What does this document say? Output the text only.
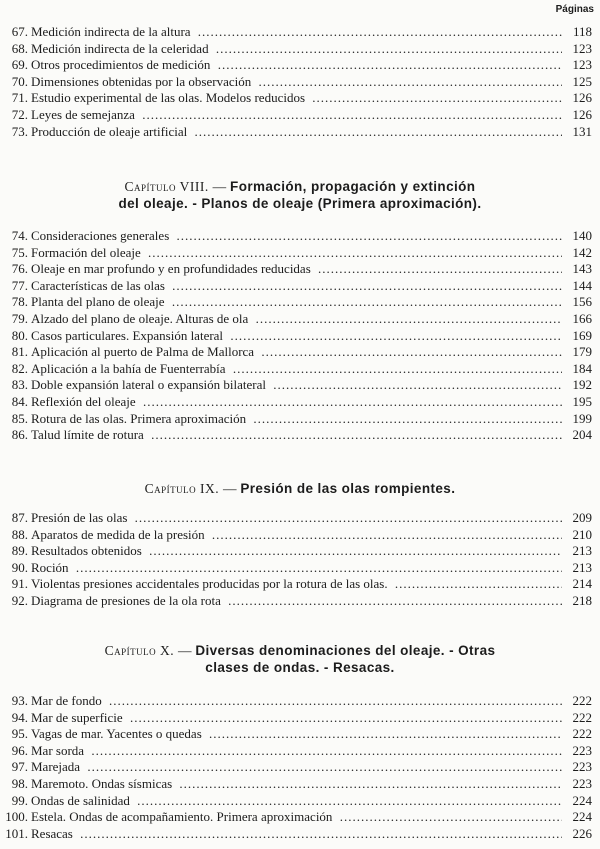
Páginas
67. Medición indirecta de la altura .....	118
68. Medición indirecta de la celeridad .....	123
69. Otros procedimientos de medición .....	123
70. Dimensiones obtenidas por la observación .....	125
71. Estudio experimental de las olas. Modelos reducidos .....	126
72. Leyes de semejanza .....	126
73. Producción de oleaje artificial .....	131
Capítulo VIII. — Formación, propagación y extinción
del oleaje. - Planos de oleaje (Primera aproximación).
74. Consideraciones generales .....	140
75. Formación del oleaje .....	142
76. Oleaje en mar profundo y en profundidades reducidas .....	143
77. Características de las olas .....	144
78. Planta del plano de oleaje .....	156
79. Alzado del plano de oleaje. Alturas de ola .....	166
80. Casos particulares. Expansión lateral .....	169
81. Aplicación al puerto de Palma de Mallorca .....	179
82. Aplicación a la bahía de Fuenterrabía .....	184
83. Doble expansión lateral o expansión bilateral .....	192
84. Reflexión del oleaje .....	195
85. Rotura de las olas. Primera aproximación .....	199
86. Talud límite de rotura .....	204
Capítulo IX. — Presión de las olas rompientes.
87. Presión de las olas .....	209
88. Aparatos de medida de la presión .....	210
89. Resultados obtenidos .....	213
90. Roción .....	213
91. Violentas presiones accidentales producidas por la rotura de las olas. .....	214
92. Diagrama de presiones de la ola rota .....	218
Capítulo X. — Diversas denominaciones del oleaje. - Otras
clases de ondas. - Resacas.
93. Mar de fondo .....	222
94. Mar de superficie .....	222
95. Vagas de mar. Yacentes o quedas .....	222
96. Mar sorda .....	223
97. Marejada .....	223
98. Maremoto. Ondas sísmicas .....	223
99. Ondas de salinidad .....	224
100. Estela. Ondas de acompañamiento. Primera aproximación .....	224
101. Resacas .....	226
